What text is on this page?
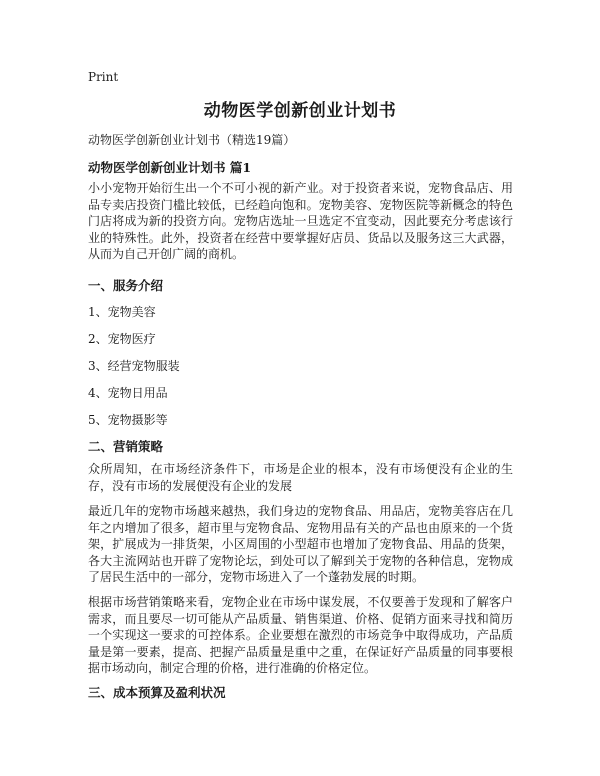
Print
动物医学创新创业计划书
动物医学创新创业计划书（精选19篇）
动物医学创新创业计划书 篇1
小小宠物开始衍生出一个不可小视的新产业。对于投资者来说，宠物食品店、用品专卖店投资门槛比较低，已经趋向饱和。宠物美容、宠物医院等新概念的特色门店将成为新的投资方向。宠物店选址一旦选定不宜变动，因此要充分考虑该行业的特殊性。此外，投资者在经营中要掌握好店员、货品以及服务这三大武器，从而为自己开创广阔的商机。
一、服务介绍
1、宠物美容
2、宠物医疗
3、经营宠物服装
4、宠物日用品
5、宠物摄影等
二、营销策略
众所周知，在市场经济条件下，市场是企业的根本，没有市场便没有企业的生存，没有市场的发展便没有企业的发展
最近几年的宠物市场越来越热，我们身边的宠物食品、用品店，宠物美容店在几年之内增加了很多，超市里与宠物食品、宠物用品有关的产品也由原来的一个货架，扩展成为一排货架，小区周围的小型超市也增加了宠物食品、用品的货架，各大主流网站也开辟了宠物论坛，到处可以了解到关于宠物的各种信息，宠物成了居民生活中的一部分，宠物市场进入了一个蓬勃发展的时期。
根据市场营销策略来看，宠物企业在市场中谋发展，不仅要善于发现和了解客户需求，而且要尽一切可能从产品质量、销售渠道、价格、促销方面来寻找和简历一个实现这一要求的可控体系。企业要想在激烈的市场竞争中取得成功，产品质量是第一要素，提高、把握产品质量是重中之重，在保证好产品质量的同事要根据市场动向，制定合理的价格，进行准确的价格定位。
三、成本预算及盈利状况
